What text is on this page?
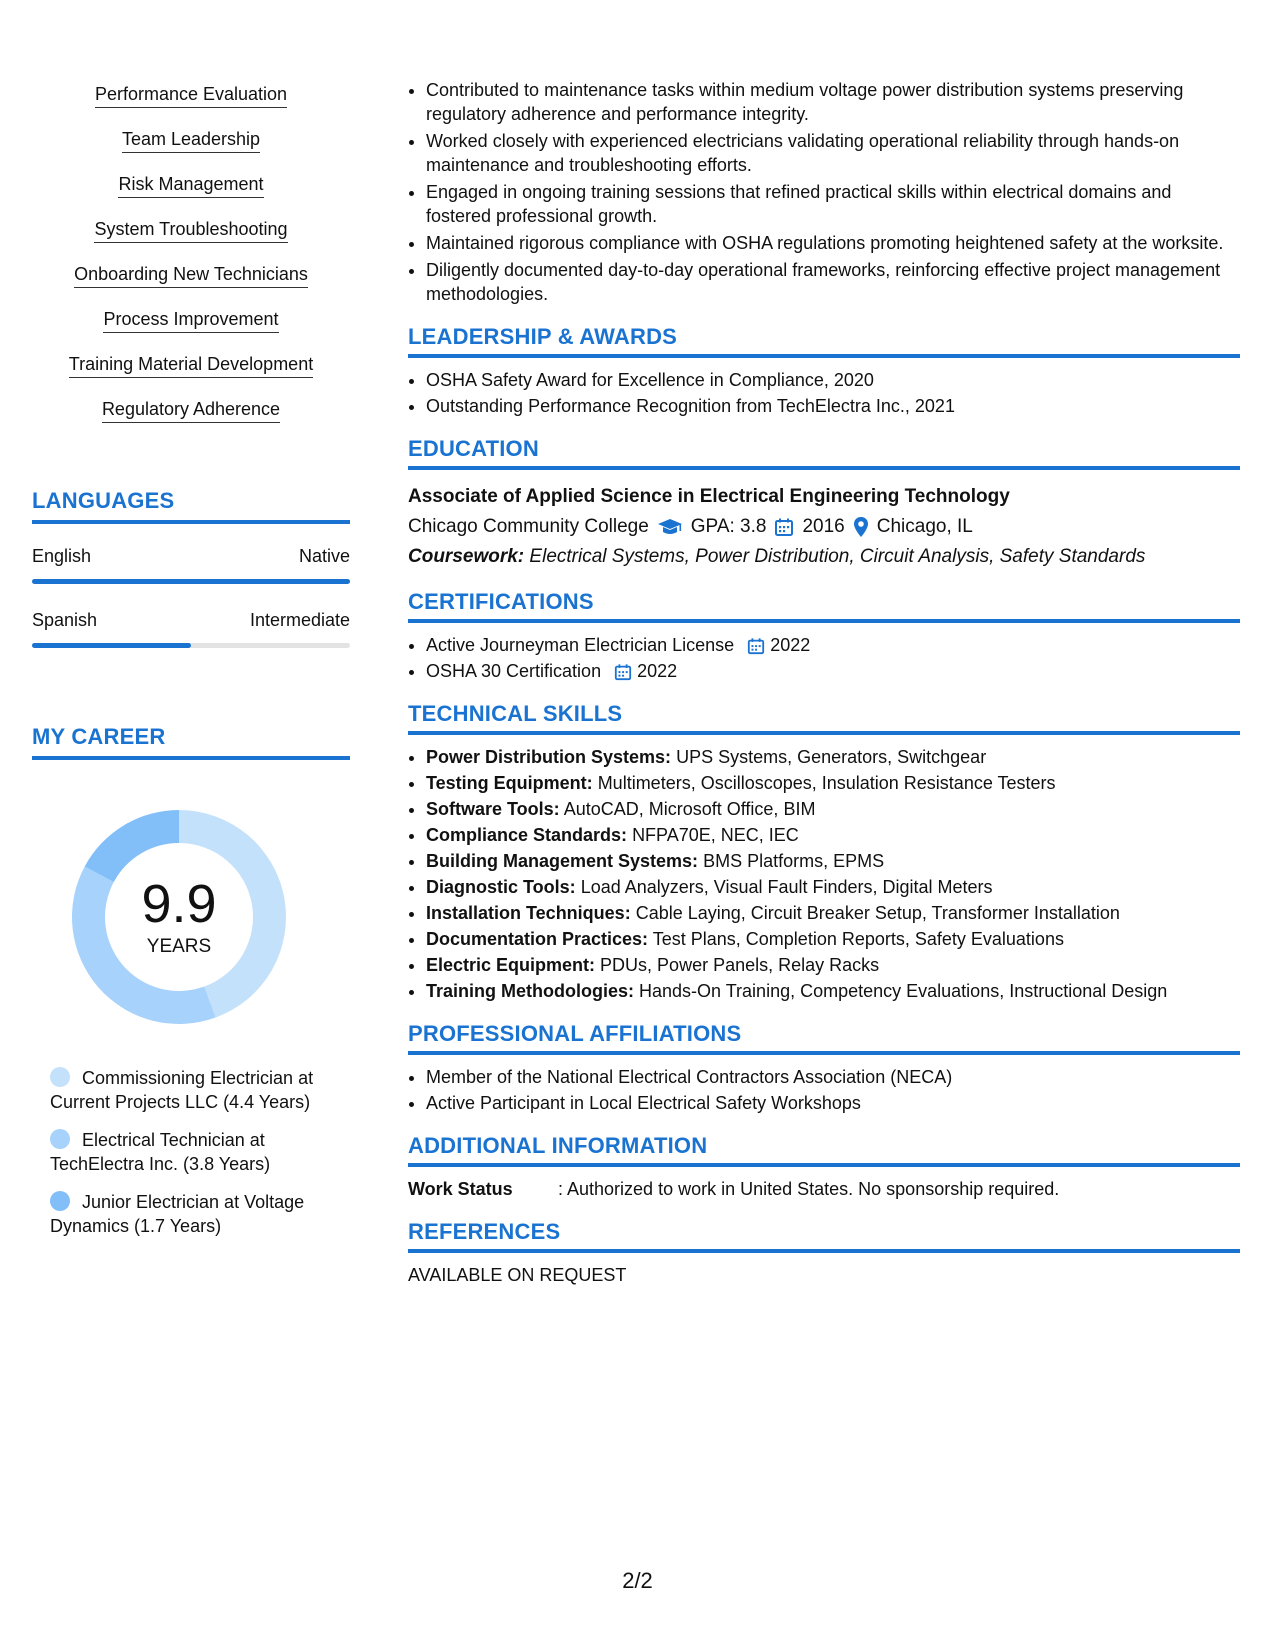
Performance Evaluation
Team Leadership
Risk Management
System Troubleshooting
Onboarding New Technicians
Process Improvement
Training Material Development
Regulatory Adherence
LANGUAGES
English	Native
Spanish	Intermediate
MY CAREER
9.9
YEARS
Commissioning Electrician at Current Projects LLC (4.4 Years)
Electrical Technician at TechElectra Inc. (3.8 Years)
Junior Electrician at Voltage Dynamics (1.7 Years)
• Contributed to maintenance tasks within medium voltage power distribution systems preserving regulatory adherence and performance integrity.
• Worked closely with experienced electricians validating operational reliability through hands-on maintenance and troubleshooting efforts.
• Engaged in ongoing training sessions that refined practical skills within electrical domains and fostered professional growth.
• Maintained rigorous compliance with OSHA regulations promoting heightened safety at the worksite.
• Diligently documented day-to-day operational frameworks, reinforcing effective project management methodologies.
LEADERSHIP & AWARDS
• OSHA Safety Award for Excellence in Compliance, 2020
• Outstanding Performance Recognition from TechElectra Inc., 2021
EDUCATION
Associate of Applied Science in Electrical Engineering Technology
Chicago Community College GPA: 3.8 2016 Chicago, IL
Coursework: Electrical Systems, Power Distribution, Circuit Analysis, Safety Standards
CERTIFICATIONS
• Active Journeyman Electrician License 2022
• OSHA 30 Certification 2022
TECHNICAL SKILLS
• Power Distribution Systems: UPS Systems, Generators, Switchgear
• Testing Equipment: Multimeters, Oscilloscopes, Insulation Resistance Testers
• Software Tools: AutoCAD, Microsoft Office, BIM
• Compliance Standards: NFPA70E, NEC, IEC
• Building Management Systems: BMS Platforms, EPMS
• Diagnostic Tools: Load Analyzers, Visual Fault Finders, Digital Meters
• Installation Techniques: Cable Laying, Circuit Breaker Setup, Transformer Installation
• Documentation Practices: Test Plans, Completion Reports, Safety Evaluations
• Electric Equipment: PDUs, Power Panels, Relay Racks
• Training Methodologies: Hands-On Training, Competency Evaluations, Instructional Design
PROFESSIONAL AFFILIATIONS
• Member of the National Electrical Contractors Association (NECA)
• Active Participant in Local Electrical Safety Workshops
ADDITIONAL INFORMATION
Work Status	: Authorized to work in United States. No sponsorship required.
REFERENCES
AVAILABLE ON REQUEST
2/2
